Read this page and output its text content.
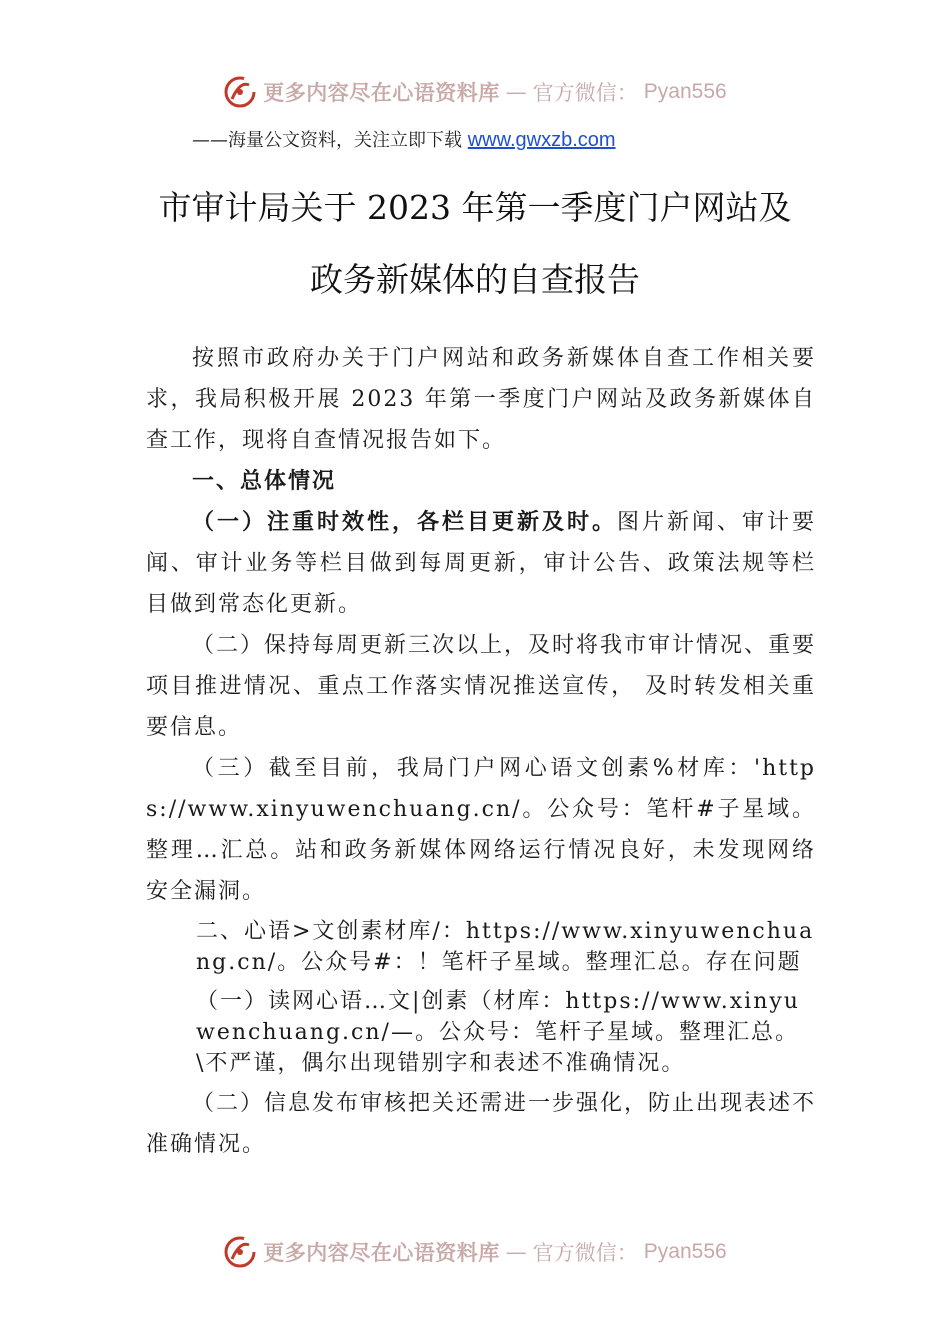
更多内容尽在心语资料库 — 官方微信： Pyan556
——海量公文资料，关注立即下载 www.gwxzb.com
市审计局关于 2023 年第一季度门户网站及
政务新媒体的自查报告

按照市政府办关于门户网站和政务新媒体自查工作相关要求，我局积极开展 2023 年第一季度门户网站及政务新媒体自查工作，现将自查情况报告如下。

一、总体情况

（一）注重时效性，各栏目更新及时。图片新闻、审计要闻、审计业务等栏目做到每周更新，审计公告、政策法规等栏目做到常态化更新。

（二）保持每周更新三次以上，及时将我市审计情况、重要项目推进情况、重点工作落实情况推送宣传， 及时转发相关重要信息。

（三）截至目前，我局门户网心语文创素%材库：'https://www.xinyuwenchuang.cn/。公众号：笔杆#子星域。整理…汇总。站和政务新媒体网络运行情况良好，未发现网络安全漏洞。

二、心语>文创素材库/：https://www.xinyuwenchuang.cn/。公众号#：！笔杆子星域。整理汇总。存在问题

（一）读网心语…文|创素（材库：https://www.xinyuwenchuang.cn/—。公众号：笔杆子星域。整理汇总。\不严谨，偶尔出现错别字和表述不准确情况。

（二）信息发布审核把关还需进一步强化，防止出现表述不准确情况。

更多内容尽在心语资料库 — 官方微信： Pyan556
